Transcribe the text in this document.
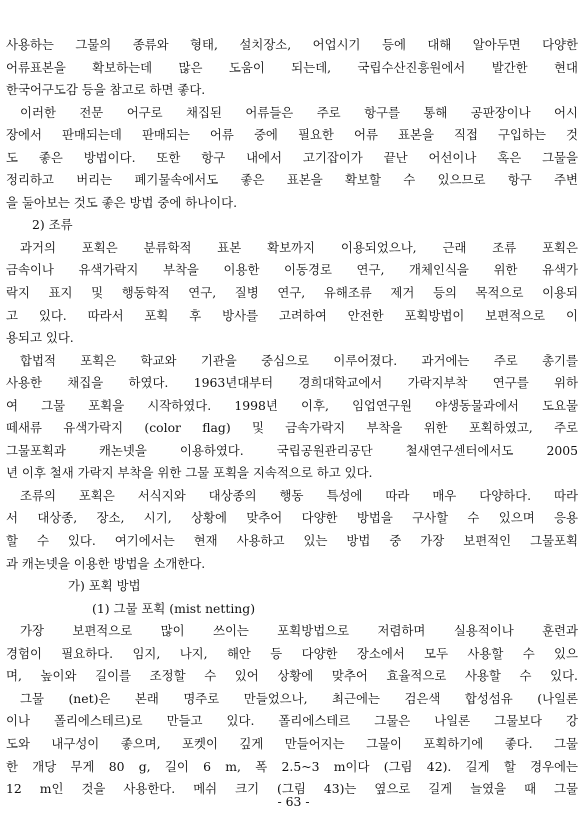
사용하는 그물의 종류와 형태, 설치장소, 어업시기 등에 대해 알아두면 다양한
어류표본을 확보하는데 많은 도움이 되는데, 국립수산진흥원에서 발간한 현대
한국어구도감 등을 참고로 하면 좋다.
이러한 전문 어구로 채집된 어류들은 주로 항구를 통해 공판장이나 어시
장에서 판매되는데 판매되는 어류 중에 필요한 어류 표본을 직접 구입하는 것
도 좋은 방법이다. 또한 항구 내에서 고기잡이가 끝난 어선이나 혹은 그물을
정리하고 버리는 폐기물속에서도 좋은 표본을 확보할 수 있으므로 항구 주변
을 둘아보는 것도 좋은 방법 중에 하나이다.
2) 조류
과거의 포획은 분류학적 표본 확보까지 이용되었으나, 근래 조류 포획은
금속이나 유색가락지 부착을 이용한 이동경로 연구, 개체인식을 위한 유색가
락지 표지 및 행동학적 연구, 질병 연구, 유해조류 제거 등의 목적으로 이용되
고 있다. 따라서 포획 후 방사를 고려하여 안전한 포획방법이 보편적으로 이
용되고 있다.
합법적 포획은 학교와 기관을 중심으로 이루어졌다. 과거에는 주로 총기를
사용한 채집을 하였다. 1963년대부터 경희대학교에서 가락지부착 연구를 위하
여 그물 포획을 시작하였다. 1998년 이후, 임업연구원 야생동물과에서 도요물
떼새류 유색가락지 (color flag) 및 금속가락지 부착을 위한 포획하였고, 주로
그물포획과 캐논넷을 이용하였다. 국립공원관리공단 철새연구센터에서도 2005
년 이후 철새 가락지 부착을 위한 그물 포획을 지속적으로 하고 있다.
조류의 포획은 서식지와 대상종의 행동 특성에 따라 매우 다양하다. 따라
서 대상종, 장소, 시기, 상황에 맞추어 다양한 방법을 구사할 수 있으며 응용
할 수 있다. 여기에서는 현재 사용하고 있는 방법 중 가장 보편적인 그물포획
과 캐논넷을 이용한 방법을 소개한다.
가) 포획 방법
(1) 그물 포획 (mist netting)
가장 보편적으로 많이 쓰이는 포획방법으로 저렴하며 실용적이나 훈련과
경험이 필요하다. 임지, 나지, 해안 등 다양한 장소에서 모두 사용할 수 있으
며, 높이와 길이를 조정할 수 있어 상황에 맞추어 효율적으로 사용할 수 있다.
그물 (net)은 본래 명주로 만들었으나, 최근에는 검은색 합성섬유 (나일론
이나 폴리에스테르)로 만들고 있다. 폴리에스테르 그물은 나일론 그물보다 강
도와 내구성이 좋으며, 포켓이 깊게 만들어지는 그물이 포획하기에 좋다. 그물
한 개당 무게 80 g, 길이 6 m, 폭 2.5~3 m이다 (그림 42). 길게 할 경우에는
12 m인 것을 사용한다. 메쉬 크기 (그림 43)는 옆으로 길게 늘였을 때 그물
- 63 -
